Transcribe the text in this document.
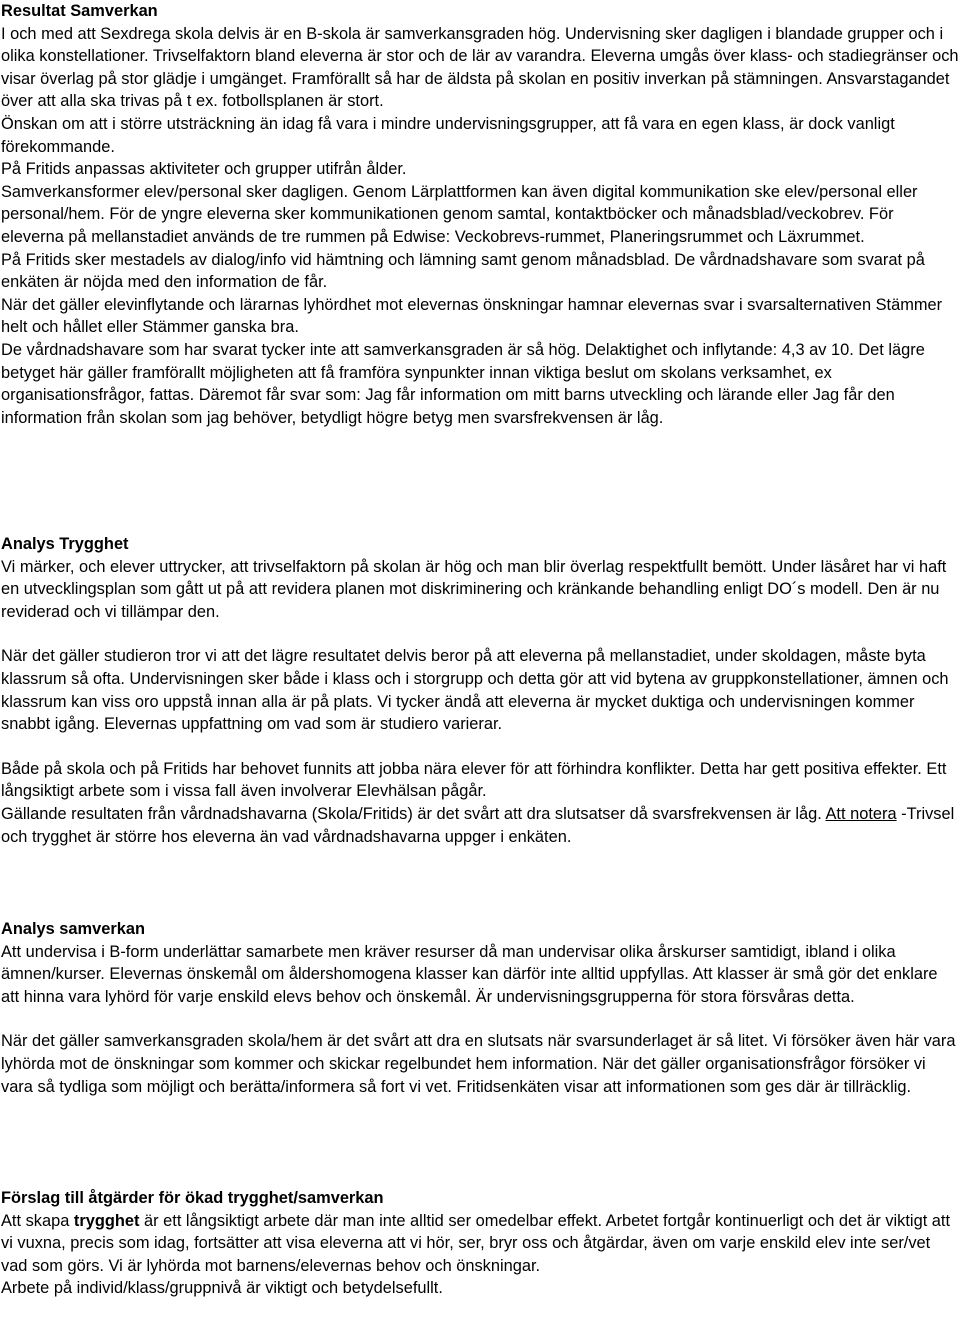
Resultat Samverkan

I och med att Sexdrega skola delvis är en B-skola är samverkansgraden hög. Undervisning sker dagligen i blandade grupper och i olika konstellationer. Trivselfaktorn bland eleverna är stor och de lär av varandra. Eleverna umgås över klass- och stadiegränser och visar överlag på stor glädje i umgänget. Framförallt så har de äldsta på skolan en positiv inverkan på stämningen. Ansvarstagandet över att alla ska trivas på t ex. fotbollsplanen är stort.

Önskan om att i större utsträckning än idag få vara i mindre undervisningsgrupper, att få vara en egen klass, är dock vanligt förekommande.

På Fritids anpassas aktiviteter och grupper utifrån ålder.

Samverkansformer elev/personal sker dagligen. Genom Lärplattformen kan även digital kommunikation ske elev/personal eller personal/hem. För de yngre eleverna sker kommunikationen genom samtal, kontaktböcker och månadsblad/veckobrev. För eleverna på mellanstadiet används de tre rummen på Edwise: Veckobrevs-rummet, Planeringsrummet och Läxrummet.

På Fritids sker mestadels av dialog/info vid hämtning och lämning samt genom månadsblad. De vårdnadshavare som svarat på enkäten är nöjda med den information de får.

När det gäller elevinflytande och lärarnas lyhördhet mot elevernas önskningar hamnar elevernas svar i svarsalternativen Stämmer helt och hållet eller Stämmer ganska bra.

De vårdnadshavare som har svarat tycker inte att samverkansgraden är så hög. Delaktighet och inflytande: 4,3 av 10. Det lägre betyget här gäller framförallt möjligheten att få framföra synpunkter innan viktiga beslut om skolans verksamhet, ex organisationsfrågor, fattas. Däremot får svar som: Jag får information om mitt barns utveckling och lärande eller Jag får den information från skolan som jag behöver, betydligt högre betyg men svarsfrekvensen är låg.

Analys Trygghet

Vi märker, och elever uttrycker, att trivselfaktorn på skolan är hög och man blir överlag respektfullt bemött. Under läsåret har vi haft en utvecklingsplan som gått ut på att revidera planen mot diskriminering och kränkande behandling enligt DO´s modell. Den är nu reviderad och vi tillämpar den.

När det gäller studieron tror vi att det lägre resultatet delvis beror på att eleverna på mellanstadiet, under skoldagen, måste byta klassrum så ofta. Undervisningen sker både i klass och i storgrupp och detta gör att vid bytena av gruppkonstellationer, ämnen och klassrum kan viss oro uppstå innan alla är på plats. Vi tycker ändå att eleverna är mycket duktiga och undervisningen kommer snabbt igång. Elevernas uppfattning om vad som är studiero varierar.

Både på skola och på Fritids har behovet funnits att jobba nära elever för att förhindra konflikter. Detta har gett positiva effekter. Ett långsiktigt arbete som i vissa fall även involverar Elevhälsan pågår.

Gällande resultaten från vårdnadshavarna (Skola/Fritids) är det svårt att dra slutsatser då svarsfrekvensen är låg. Att notera -Trivsel och trygghet är större hos eleverna än vad vårdnadshavarna uppger i enkäten.

Analys samverkan

Att undervisa i B-form underlättar samarbete men kräver resurser då man undervisar olika årskurser samtidigt, ibland i olika ämnen/kurser. Elevernas önskemål om åldershomogena klasser kan därför inte alltid uppfyllas. Att klasser är små gör det enklare att hinna vara lyhörd för varje enskild elevs behov och önskemål. Är undervisningsgrupperna för stora försvåras detta.

När det gäller samverkansgraden skola/hem är det svårt att dra en slutsats när svarsunderlaget är så litet. Vi försöker även här vara lyhörda mot de önskningar som kommer och skickar regelbundet hem information. När det gäller organisationsfrågor försöker vi vara så tydliga som möjligt och berätta/informera så fort vi vet. Fritidsenkäten visar att informationen som ges där är tillräcklig.

Förslag till åtgärder för ökad trygghet/samverkan

Att skapa trygghet är ett långsiktigt arbete där man inte alltid ser omedelbar effekt. Arbetet fortgår kontinuerligt och det är viktigt att vi vuxna, precis som idag, fortsätter att visa eleverna att vi hör, ser, bryr oss och åtgärdar, även om varje enskild elev inte ser/vet vad som görs. Vi är lyhörda mot barnens/elevernas behov och önskningar.

Arbete på individ/klass/gruppnivå är viktigt och betydelsefullt.
